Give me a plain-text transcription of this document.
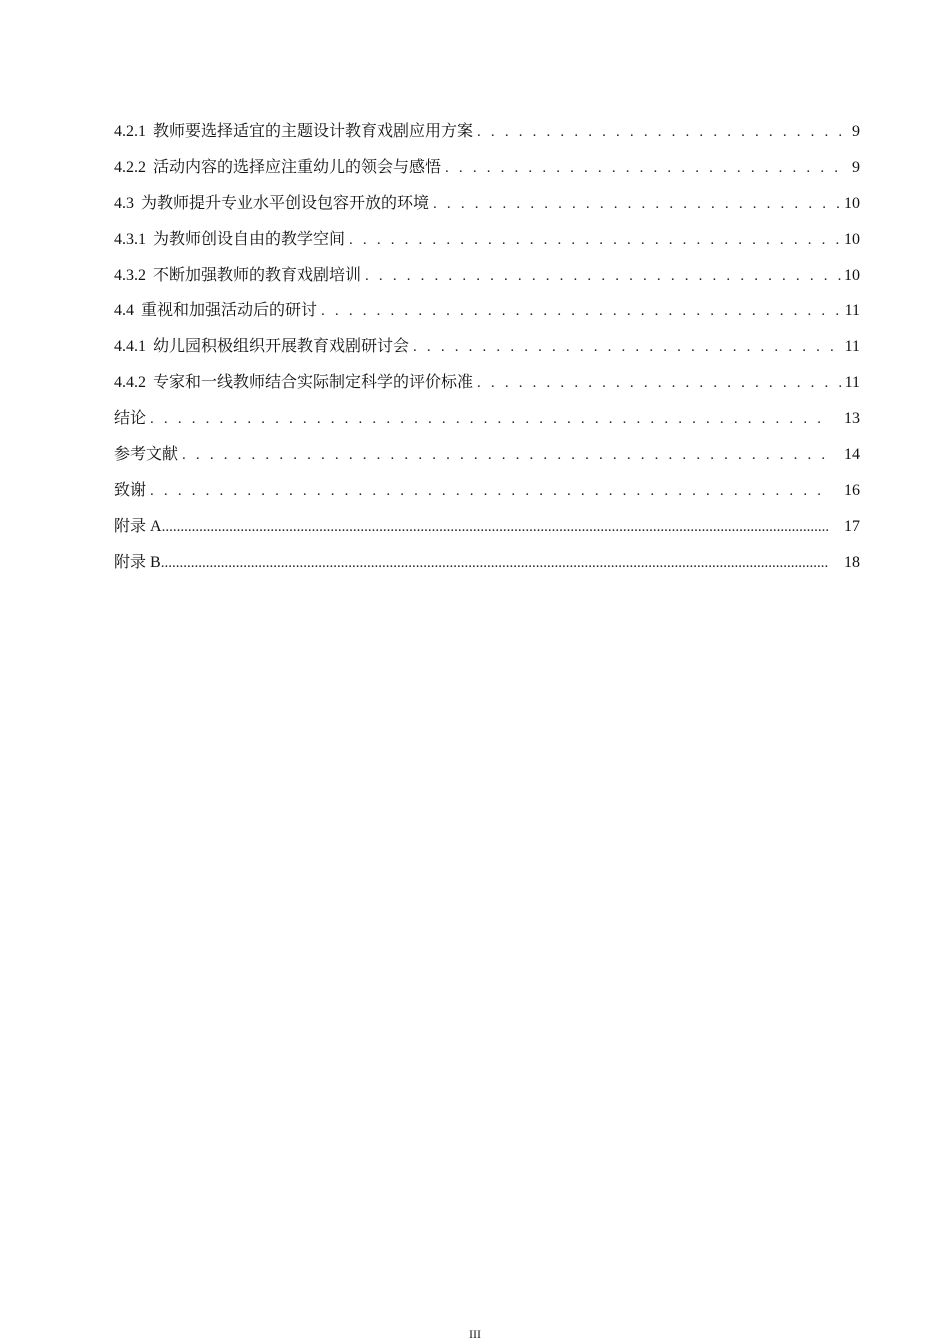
4.2.1 教师要选择适宜的主题设计教育戏剧应用方案 . . .	9
4.2.2 活动内容的选择应注重幼儿的领会与感悟 . . .	9
4.3 为教师提升专业水平创设包容开放的环境 . . .	10
4.3.1 为教师创设自由的教学空间 . . .	10
4.3.2 不断加强教师的教育戏剧培训 . . .	10
4.4 重视和加强活动后的研讨 . . .	11
4.4.1 幼儿园积极组织开展教育戏剧研讨会 . . .	11
4.4.2 专家和一线教师结合实际制定科学的评价标准 . . .	11
结论 . . .	13
参考文献 . . .	14
致谢 . . .	16
附录 A .....	17
附录 B .....	18
III
